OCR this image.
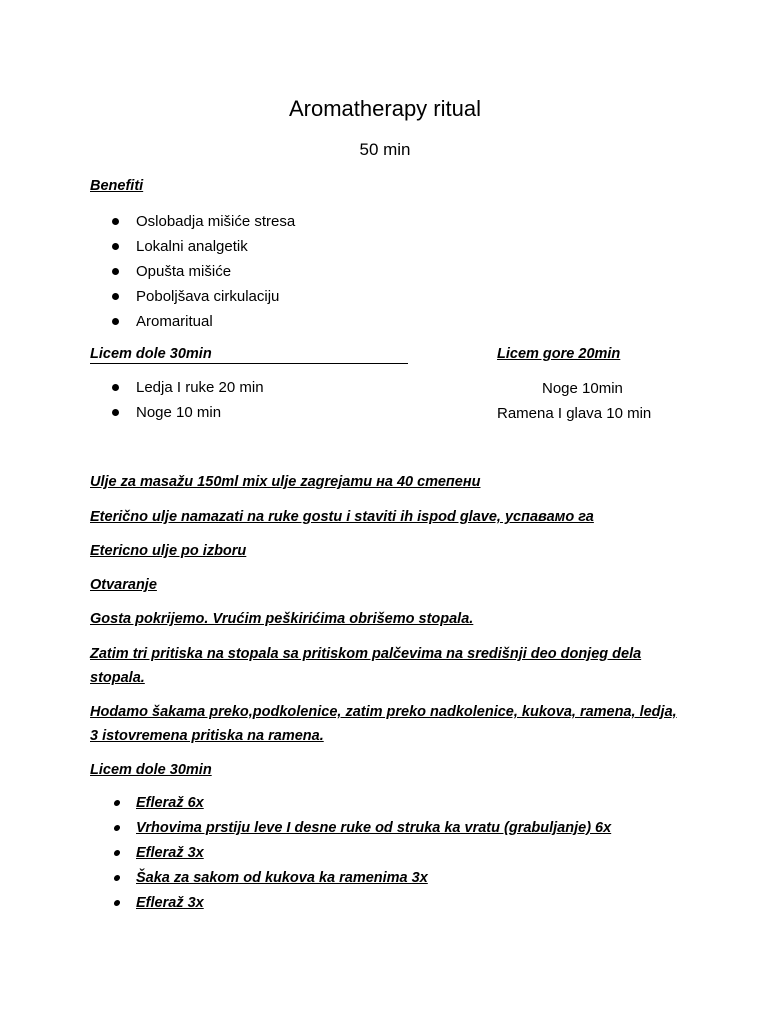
Aromatherapy ritual
50 min
Benefiti
Oslobadja mišiće stresa
Lokalni analgetik
Opušta mišiće
Poboljšava cirkulaciju
Aromaritual
Licem dole 30min	Licem gore 20min
Ledja I ruke 20 min
Noge 10 min
Noge 10min
Ramena I glava 10 min
Ulje za masažu 150ml mix ulje zagrejamu на 40 степени
Eterično ulje namazati na ruke gostu i staviti ih ispod glave, успавамо га
Etericno ulje po izboru
Otvaranje
Gosta pokrijemo. Vrućim peškirićima obrišemo stopala.
Zatim tri pritiska na stopala sa pritiskom palčevima na središnji deo donjeg dela stopala.
Hodamo šakama preko,podkolenice, zatim preko nadkolenice, kukova, ramena, ledja, 3 istovremena pritiska na ramena.
Licem dole 30min
Eflerаž 6x
Vrhovima prstiju leve I desne ruke od struka ka vratu (grabuljanje) 6x
Eflerаž 3x
Šaka za sakom od kukova ka ramenima 3x
Eflerаž 3x
